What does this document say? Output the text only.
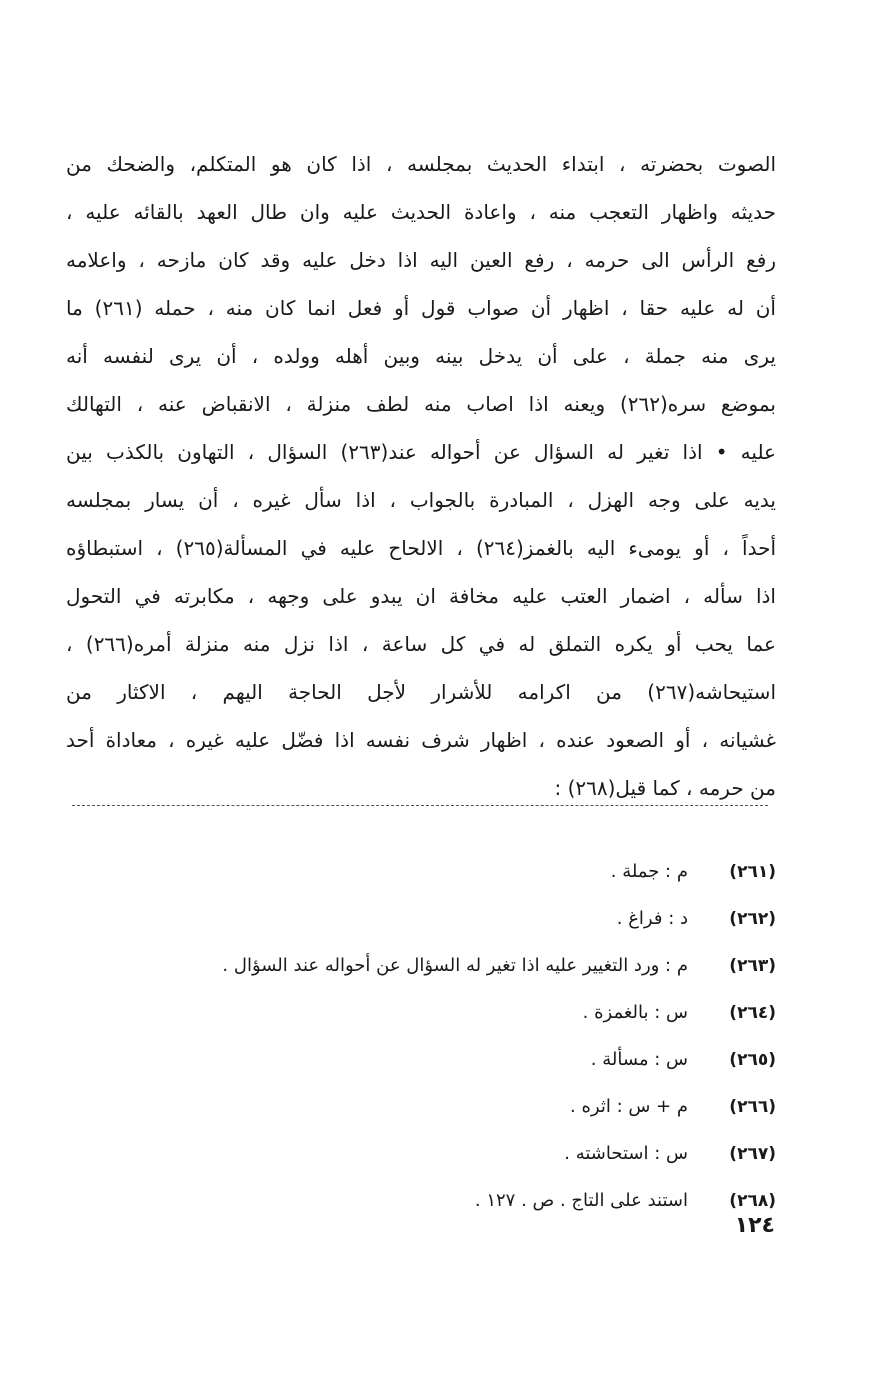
الصوت بحضرته ، ابتداء الحديث بمجلسه ، اذا كان هو المتكلم، والضحك من
حديثه واظهار التعجب منه ، واعادة الحديث عليه وان طال العهد بالقائه عليه ،
رفع الرأس الى حرمه ، رفع العين اليه اذا دخل عليه وقد كان مازحه ، واعلامه
أن له عليه حقا ، اظهار أن صواب قول أو فعل انما كان منه ، حمله (٢٦١) ما
يرى منه جملة ، على أن يدخل بينه وبين أهله وولده ، أن يرى لنفسه أنه
بموضع سره(٢٦٢) ويعنه اذا اصاب منه لطف منزلة ، الانقباض عنه ، التهالك
عليه • اذا تغير له السؤال عن أحواله عند(٢٦٣) السؤال ، التهاون بالكذب بين
يديه على وجه الهزل ، المبادرة بالجواب ، اذا سأل غيره ، أن يسار بمجلسه
أحداً ، أو يومىء اليه بالغمز(٢٦٤) ، الالحاح عليه في المسألة(٢٦٥) ، استبطاؤه
اذا سأله ، اضمار العتب عليه مخافة ان يبدو على وجهه ، مكابرته في التحول
عما يحب أو يكره التملق له في كل ساعة ، اذا نزل منه منزلة أمره(٢٦٦) ،
استيحاشه(٢٦٧) من اكرامه للأشرار لأجل الحاجة اليهم ، الاكثار من
غشيانه ، أو الصعود عنده ، اظهار شرف نفسه اذا فضّل عليه غيره ، معاداة أحد
من حرمه ، كما قيل(٢٦٨) :
(٢٦١)
م : جملة .
(٢٦٢)
د : فراغ .
(٢٦٣)
م : ورد التغيير عليه اذا تغير له السؤال عن أحواله عند السؤال .
(٢٦٤)
س : بالغمزة .
(٢٦٥)
س : مسألة .
(٢٦٦)
م + س : اثره .
(٢٦٧)
س : استحاشته .
(٢٦٨)
استند على التاج . ص . ١٢٧ .
١٢٤
